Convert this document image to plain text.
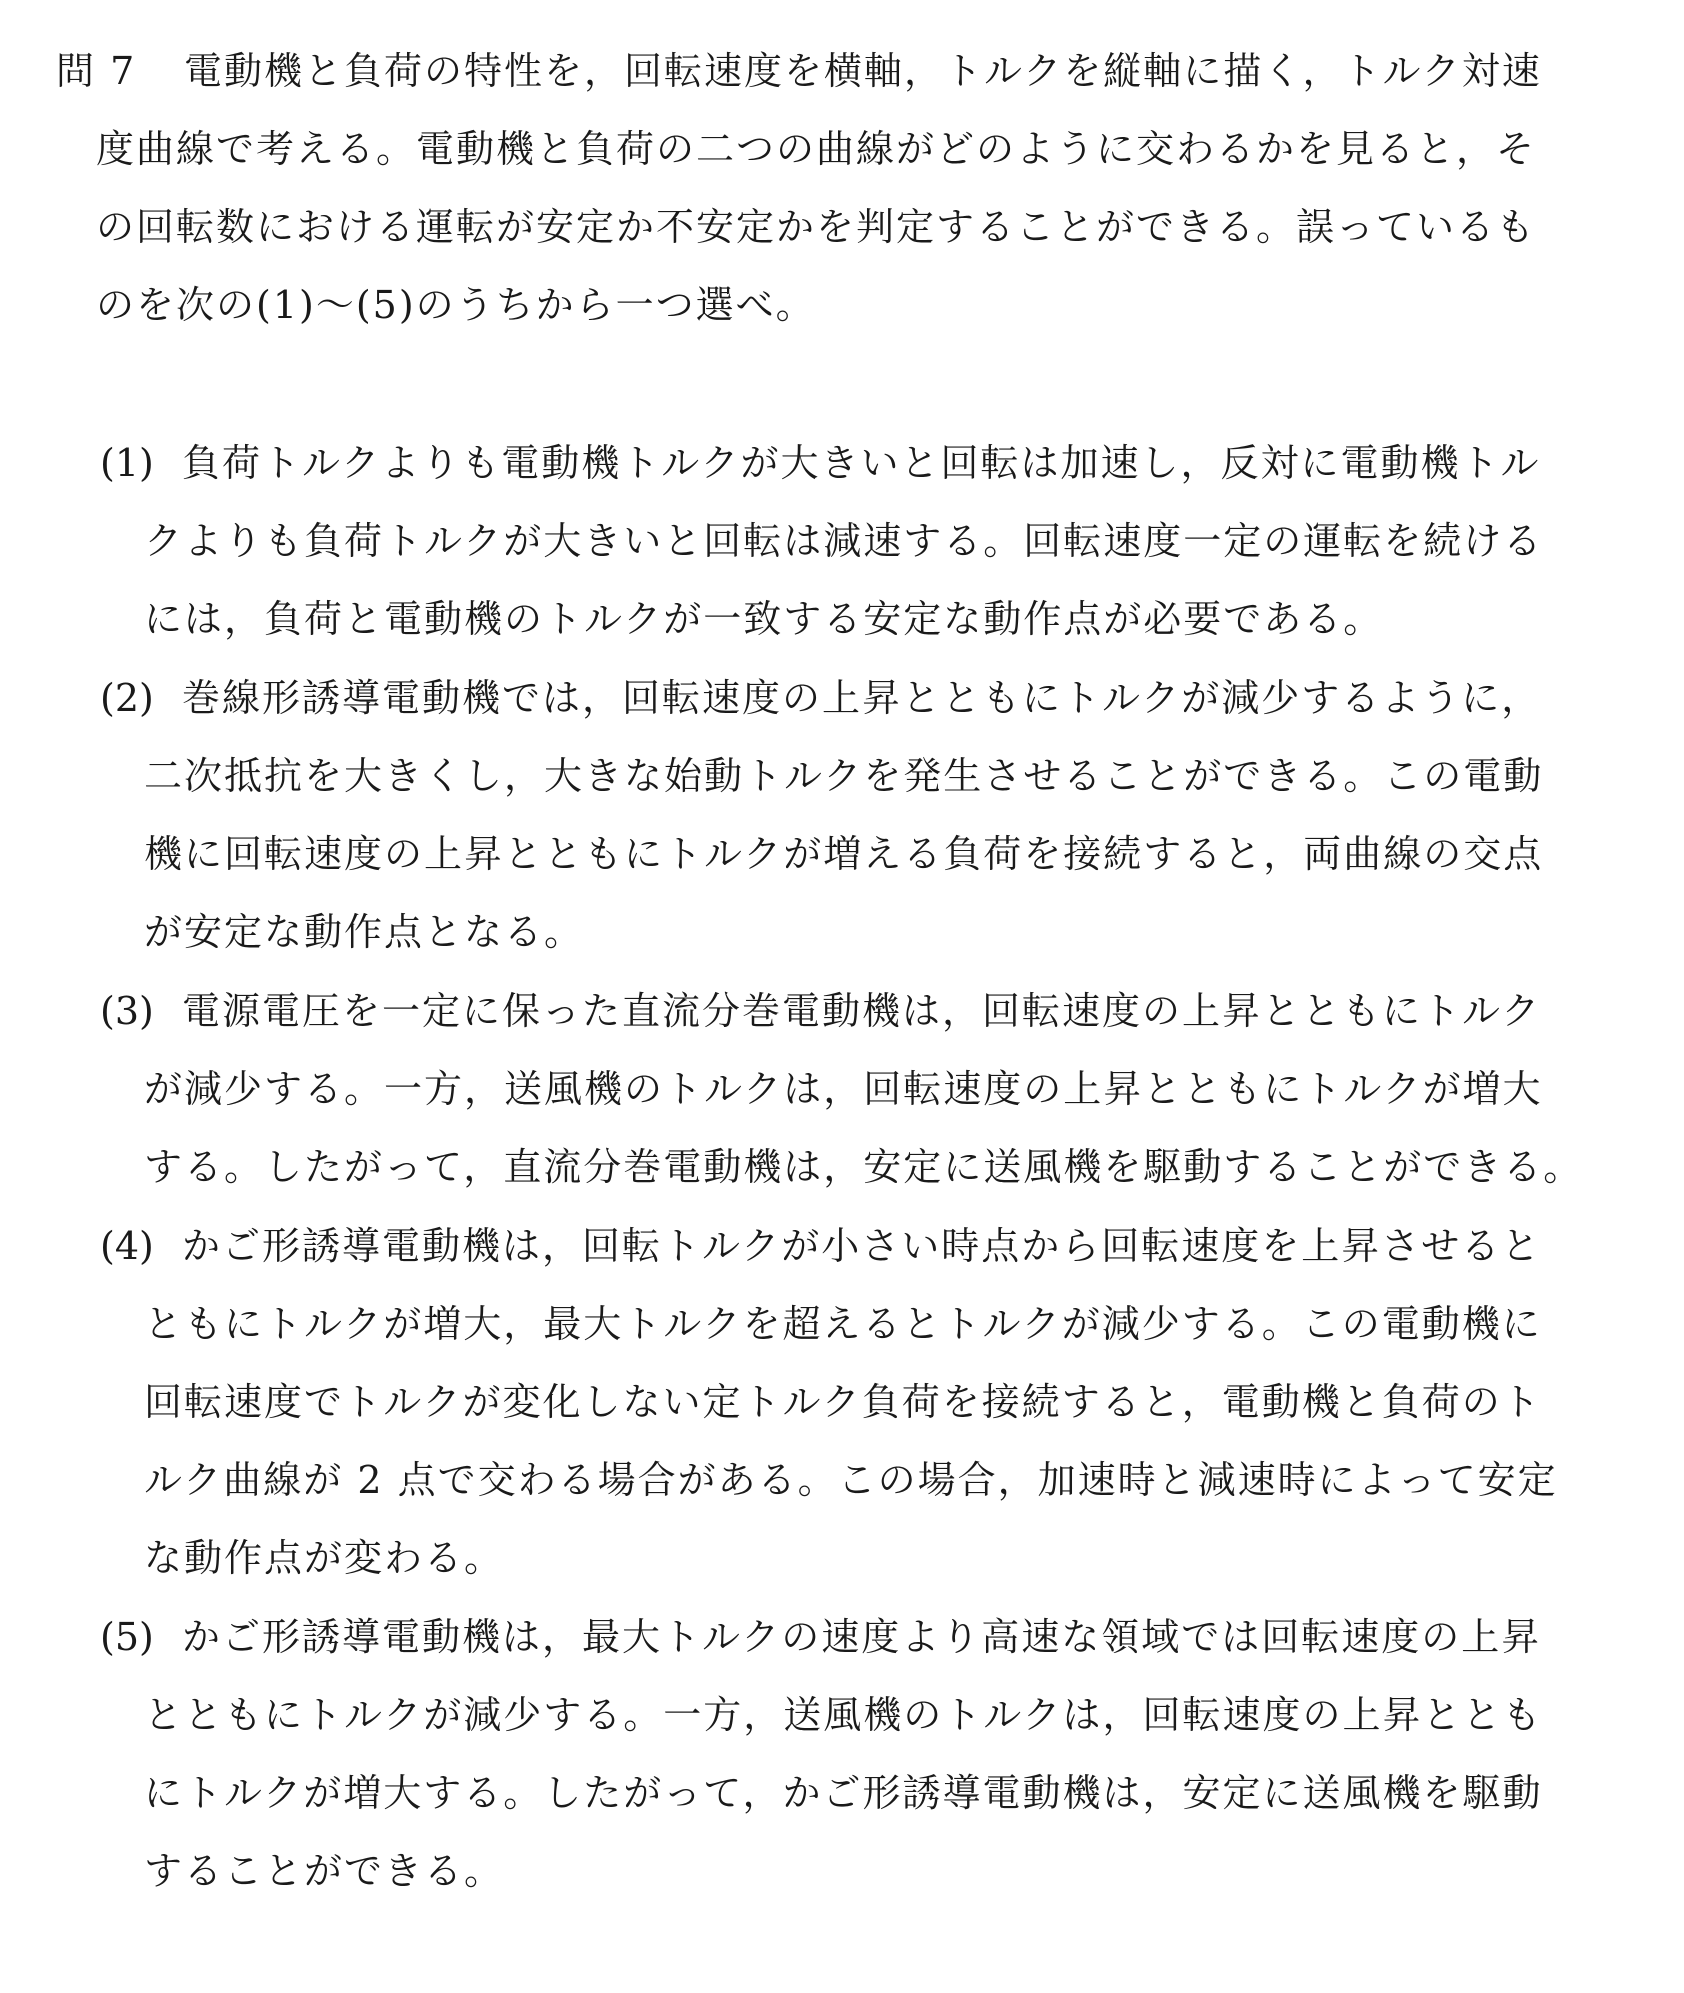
問 7	電動機と負荷の特性を，回転速度を横軸，トルクを縦軸に描く，トルク対速
度曲線で考える。電動機と負荷の二つの曲線がどのように交わるかを見ると，そ
の回転数における運転が安定か不安定かを判定することができる。誤っているも
のを次の(1)～(5)のうちから一つ選べ。

(1) 負荷トルクよりも電動機トルクが大きいと回転は加速し，反対に電動機トル
クよりも負荷トルクが大きいと回転は減速する。回転速度一定の運転を続ける
には，負荷と電動機のトルクが一致する安定な動作点が必要である。
(2) 巻線形誘導電動機では，回転速度の上昇とともにトルクが減少するように，
二次抵抗を大きくし，大きな始動トルクを発生させることができる。この電動
機に回転速度の上昇とともにトルクが増える負荷を接続すると，両曲線の交点
が安定な動作点となる。
(3) 電源電圧を一定に保った直流分巻電動機は，回転速度の上昇とともにトルク
が減少する。一方，送風機のトルクは，回転速度の上昇とともにトルクが増大
する。したがって，直流分巻電動機は，安定に送風機を駆動することができる。
(4) かご形誘導電動機は，回転トルクが小さい時点から回転速度を上昇させると
ともにトルクが増大，最大トルクを超えるとトルクが減少する。この電動機に
回転速度でトルクが変化しない定トルク負荷を接続すると，電動機と負荷のト
ルク曲線が 2 点で交わる場合がある。この場合，加速時と減速時によって安定
な動作点が変わる。
(5) かご形誘導電動機は，最大トルクの速度より高速な領域では回転速度の上昇
とともにトルクが減少する。一方，送風機のトルクは，回転速度の上昇ととも
にトルクが増大する。したがって，かご形誘導電動機は，安定に送風機を駆動
することができる。
